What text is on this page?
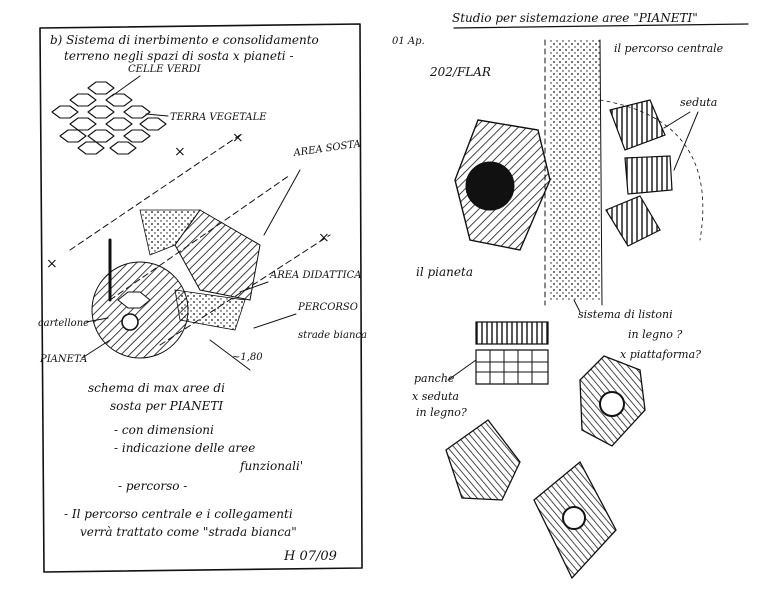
b) Sistema di inerbimento e consolidamento
terreno negli spazi di sosta x pianeti -
CELLE VERDI
TERRA VEGETALE
×
×
×
×
AREA SOSTA
AREA DIDATTICA
PERCORSO
strade bianca
cartellone
PIANETA	~1,80
schema di max aree di
sosta per PIANETI
- con dimensioni
- indicazione delle aree
funzionali'
- percorso -
- Il percorso centrale e i collegamenti
verrà trattato come "strada bianca"
H 07/09
01 Ap.
Studio per sistemazione aree "PIANETI"
202/FLAR
il percorso centrale
il pianeta
seduta
sistema di listoni
in legno ?
x piattaforma?
panche
x seduta
in legno?
